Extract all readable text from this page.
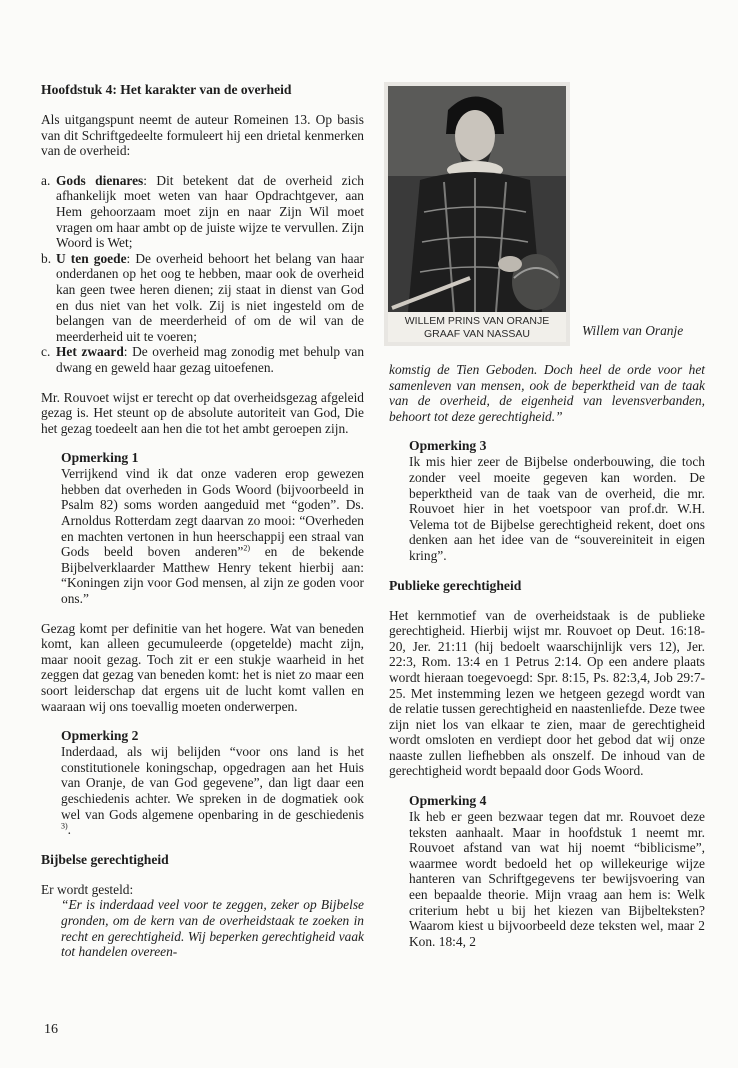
Hoofdstuk 4: Het karakter van de overheid

Als uitgangspunt neemt de auteur Romeinen 13. Op basis van dit Schriftgedeelte formuleert hij een drietal kenmerken van de overheid:

a. Gods dienares: Dit betekent dat de overheid zich afhankelijk moet weten van haar Opdrachtgever, aan Hem gehoorzaam moet zijn en naar Zijn Wil moet vragen om haar ambt op de juiste wijze te vervullen. Zijn Woord is Wet;
b. U ten goede: De overheid behoort het belang van haar onderdanen op het oog te hebben, maar ook de overheid kan geen twee heren dienen; zij staat in dienst van God en dus niet van het volk. Zij is niet ingesteld om de belangen van de meerderheid of om de wil van de meerderheid uit te voeren;
c. Het zwaard: De overheid mag zonodig met behulp van dwang en geweld haar gezag uitoefenen.

Mr. Rouvoet wijst er terecht op dat overheidsgezag afgeleid gezag is. Het steunt op de absolute autoriteit van God, Die het gezag toedeelt aan hen die tot het ambt geroepen zijn.

Opmerking 1

Verrijkend vind ik dat onze vaderen erop gewezen hebben dat overheden in Gods Woord (bijvoorbeeld in Psalm 82) soms worden aangeduid met “goden”. Ds. Arnoldus Rotterdam zegt daarvan zo mooi: “Overheden en machten vertonen in hun heerschappij een straal van Gods beeld boven anderen”$^{2)}$ en de bekende Bijbelverklaarder Matthew Henry tekent hierbij aan: “Koningen zijn voor God mensen, al zijn ze goden voor ons.”

Gezag komt per definitie van het hogere. Wat van beneden komt, kan alleen gecumuleerde (opgetelde) macht zijn, maar nooit gezag. Toch zit er een stukje waarheid in het zeggen dat gezag van beneden komt: het is niet zo maar een soort leiderschap dat ergens uit de lucht komt vallen en waaraan wij ons toevallig moeten onderwerpen.

Opmerking 2

Inderdaad, als wij belijden “voor ons land is het constitutionele koningschap, opgedragen aan het Huis van Oranje, de van God gegevene”, dan ligt daar een geschiedenis achter. We spreken in de dogmatiek ook wel van Gods algemene openbaring in de geschiedenis $^{3)}$.

Bijbelse gerechtigheid

Er wordt gesteld:

“Er is inderdaad veel voor te zeggen, zeker op Bijbelse gronden, om de kern van de overheidstaak te zoeken in recht en gerechtigheid. Wij beperken gerechtigheid vaak tot handelen overeen-

WILLEM PRINS VAN ORANJE
GRAAF VAN NASSAU	Willem van Oranje

komstig de Tien Geboden. Doch heel de orde voor het samenleven van mensen, ook de beperktheid van de taak van de overheid, de eigenheid van levensverbanden, behoort tot deze gerechtigheid.”

Opmerking 3

Ik mis hier zeer de Bijbelse onderbouwing, die toch zonder veel moeite gegeven kan worden. De beperktheid van de taak van de overheid, die mr. Rouvoet hier in het voetspoor van prof.dr. W.H. Velema tot de Bijbelse gerechtigheid rekent, doet ons denken aan het idee van de “souvereiniteit in eigen kring”.

Publieke gerechtigheid

Het kernmotief van de overheidstaak is de publieke gerechtigheid. Hierbij wijst mr. Rouvoet op Deut. 16:18-20, Jer. 21:11 (hij bedoelt waarschijnlijk vers 12), Jer. 22:3, Rom. 13:4 en 1 Petrus 2:14. Op een andere plaats wordt hieraan toegevoegd: Spr. 8:15, Ps. 82:3,4, Job 29:7-25. Met instemming lezen we hetgeen gezegd wordt van de relatie tussen gerechtigheid en naastenliefde. Deze twee zijn niet los van elkaar te zien, maar de gerechtigheid wordt omsloten en verdiept door het gebod dat wij onze naaste zullen liefhebben als onszelf. De inhoud van de gerechtigheid wordt bepaald door Gods Woord.

Opmerking 4

Ik heb er geen bezwaar tegen dat mr. Rouvoet deze teksten aanhaalt. Maar in hoofdstuk 1 neemt mr. Rouvoet afstand van wat hij noemt “biblicisme”, waarmee wordt bedoeld het op willekeurige wijze hanteren van Schriftgegevens ter bewijsvoering van een bepaalde theorie. Mijn vraag aan hem is: Welk criterium hebt u bij het kiezen van Bijbelteksten? Waarom kiest u bijvoorbeeld deze teksten wel, maar 2 Kon. 18:4, 2

16
